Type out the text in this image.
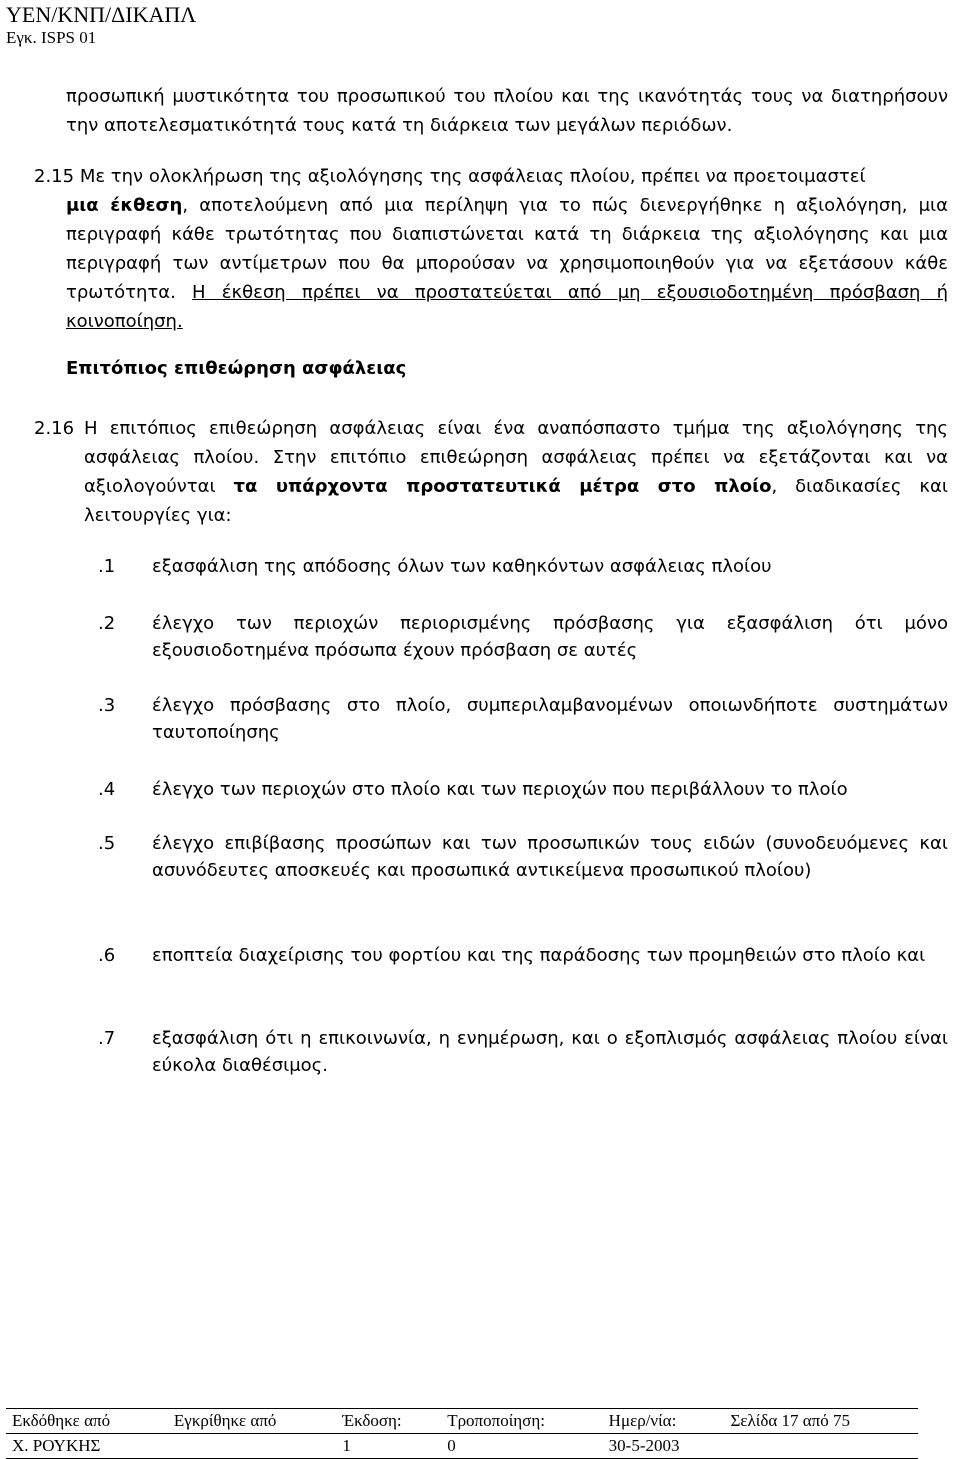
ΥΕΝ/ΚΝΠ/ΔΙΚΑΠΛ
Εγκ. ISPS 01
προσωπική μυστικότητα του προσωπικού του πλοίου και της ικανότητάς τους να διατηρήσουν την αποτελεσματικότητά τους κατά τη διάρκεια των μεγάλων περιόδων.
2.15 Με την ολοκλήρωση της αξιολόγησης της ασφάλειας πλοίου, πρέπει να προετοιμαστεί
μια έκθεση, αποτελούμενη από μια περίληψη για το πώς διενεργήθηκε η αξιολόγηση, μια περιγραφή κάθε τρωτότητας που διαπιστώνεται κατά τη διάρκεια της αξιολόγησης και μια περιγραφή των αντίμετρων που θα μπορούσαν να χρησιμοποιηθούν για να εξετάσουν κάθε τρωτότητα. Η έκθεση πρέπει να προστατεύεται από μη εξουσιοδοτημένη πρόσβαση ή κοινοποίηση.
Επιτόπιος επιθεώρηση ασφάλειας
2.16 Η επιτόπιος επιθεώρηση ασφάλειας είναι ένα αναπόσπαστο τμήμα της αξιολόγησης της ασφάλειας πλοίου. Στην επιτόπιο επιθεώρηση ασφάλειας πρέπει να εξετάζονται και να αξιολογούνται τα υπάρχοντα προστατευτικά μέτρα στο πλοίο, διαδικασίες και λειτουργίες για:
.1 εξασφάλιση της απόδοσης όλων των καθηκόντων ασφάλειας πλοίου
.2 έλεγχο των περιοχών περιορισμένης πρόσβασης για εξασφάλιση ότι μόνο εξουσιοδοτημένα πρόσωπα έχουν πρόσβαση σε αυτές
.3 έλεγχο πρόσβασης στο πλοίο, συμπεριλαμβανομένων οποιωνδήποτε συστημάτων ταυτοποίησης
.4 έλεγχο των περιοχών στο πλοίο και των περιοχών που περιβάλλουν το πλοίο
.5 έλεγχο επιβίβασης προσώπων και των προσωπικών τους ειδών (συνοδευόμενες και ασυνόδευτες αποσκευές και προσωπικά αντικείμενα προσωπικού πλοίου)
.6 εποπτεία διαχείρισης του φορτίου και της παράδοσης των προμηθειών στο πλοίο και
.7 εξασφάλιση ότι η επικοινωνία, η ενημέρωση, και ο εξοπλισμός ασφάλειας πλοίου είναι εύκολα διαθέσιμος.
Εκδόθηκε από	Εγκρίθηκε από	Έκδοση:	Τροποποίηση:	Ημερ/νία:	Σελίδα 17 από 75
Χ. ΡΟΥΚΗΣ		1	0	30-5-2003	
